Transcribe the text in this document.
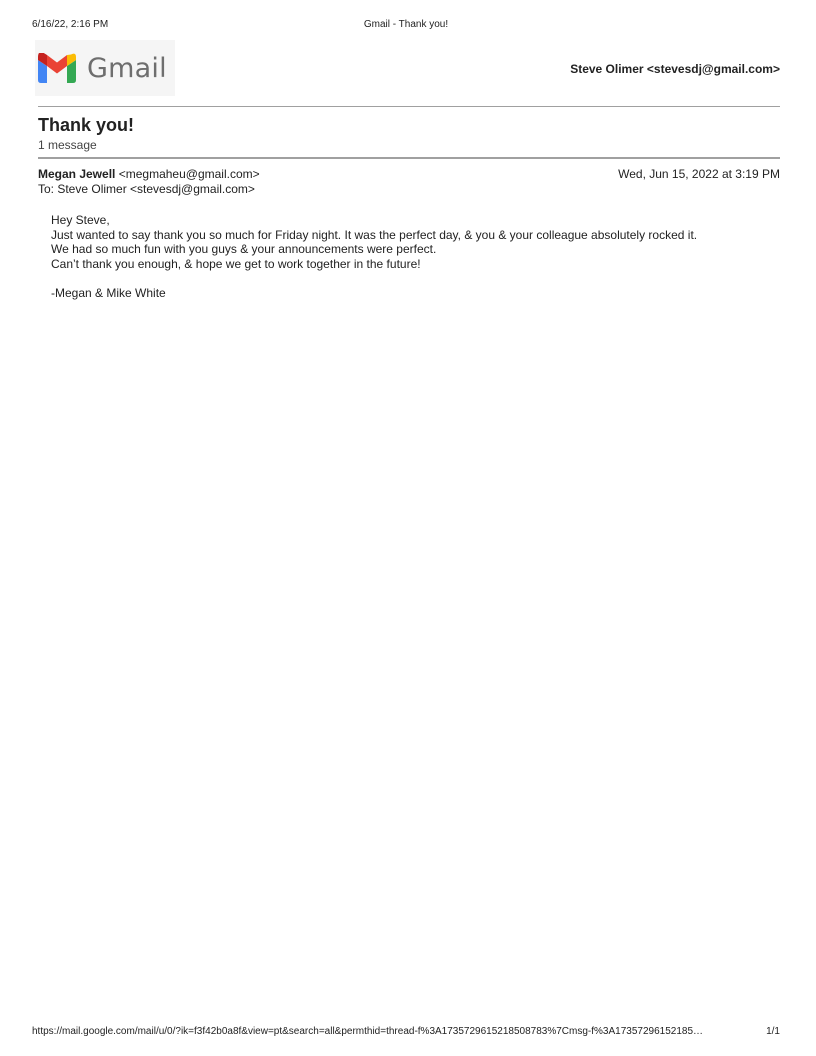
6/16/22, 2:16 PM	Gmail - Thank you!
Gmail	Steve Olimer <stevesdj@gmail.com>
Thank you!
1 message
Megan Jewell <megmaheu@gmail.com>	Wed, Jun 15, 2022 at 3:19 PM
To: Steve Olimer <stevesdj@gmail.com>
Hey Steve,
Just wanted to say thank you so much for Friday night. It was the perfect day, & you & your colleague absolutely rocked it.
We had so much fun with you guys & your announcements were perfect.
Can’t thank you enough, & hope we get to work together in the future!
-Megan & Mike White
https://mail.google.com/mail/u/0/?ik=f3f42b0a8f&view=pt&search=all&permthid=thread-f%3A1735729615218508783%7Cmsg-f%3A17357296152185…	1/1
